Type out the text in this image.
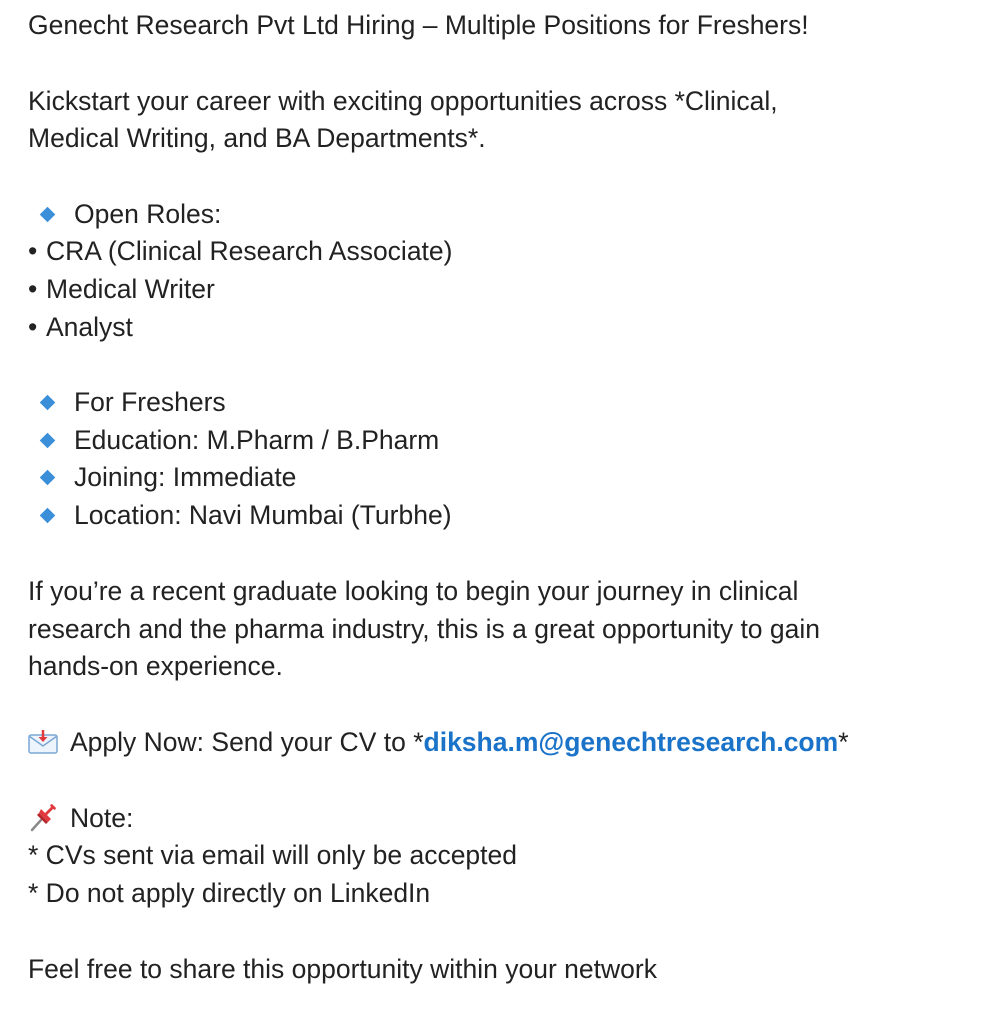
Genecht Research Pvt Ltd Hiring – Multiple Positions for Freshers!
Kickstart your career with exciting opportunities across *Clinical,
Medical Writing, and BA Departments*.
Open Roles:
• CRA (Clinical Research Associate)
• Medical Writer
• Analyst
For Freshers
Education: M.Pharm / B.Pharm
Joining: Immediate
Location: Navi Mumbai (Turbhe)
If you’re a recent graduate looking to begin your journey in clinical
research and the pharma industry, this is a great opportunity to gain
hands-on experience.
Apply Now: Send your CV to *diksha.m@genechtresearch.com*
Note:
* CVs sent via email will only be accepted
* Do not apply directly on LinkedIn
Feel free to share this opportunity within your network
